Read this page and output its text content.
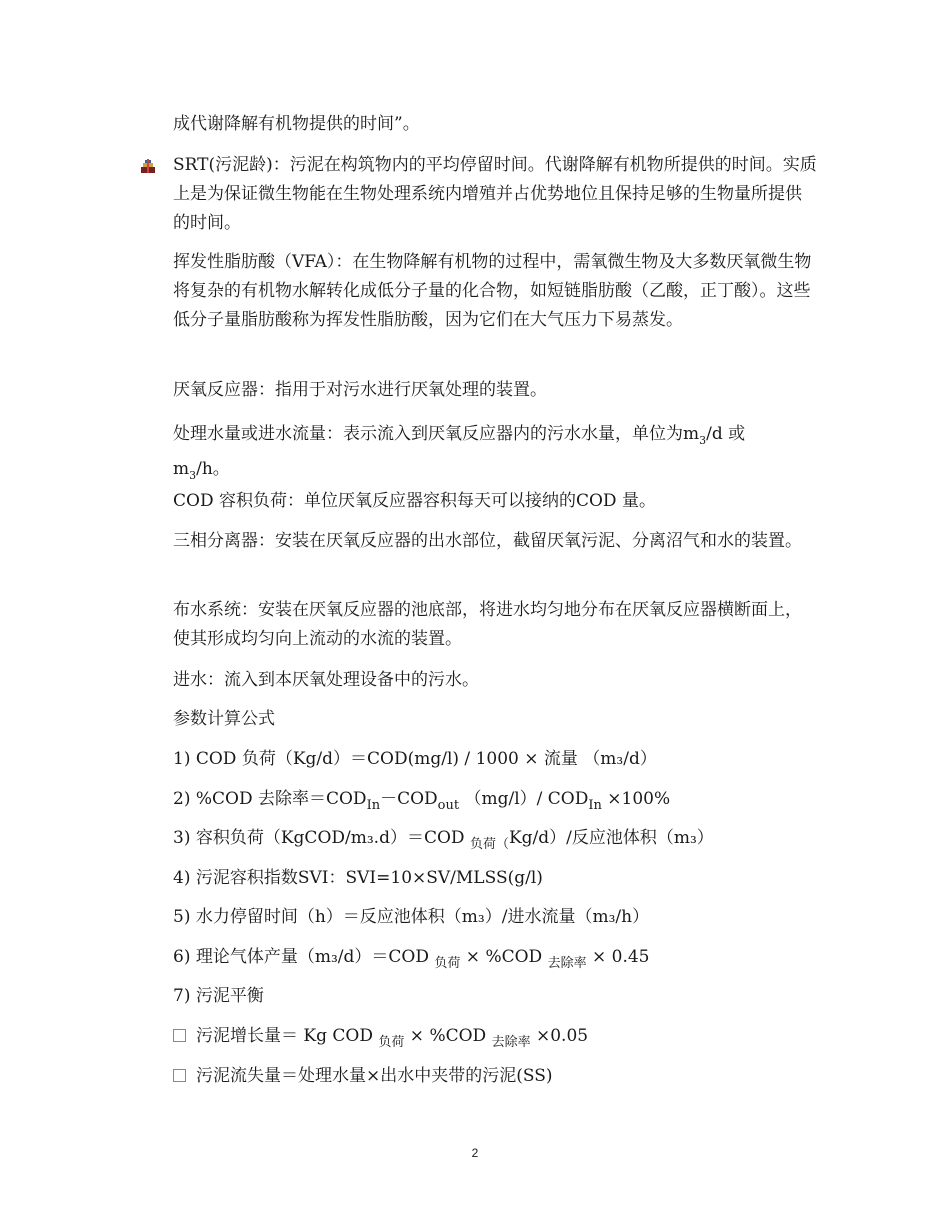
成代谢降解有机物提供的时间”。

SRT(污泥龄)：污泥在构筑物内的平均停留时间。代谢降解有机物所提供的时间。实质上是为保证微生物能在生物处理系统内增殖并占优势地位且保持足够的生物量所提供的时间。

挥发性脂肪酸（VFA）：在生物降解有机物的过程中，需氧微生物及大多数厌氧微生物将复杂的有机物水解转化成低分子量的化合物，如短链脂肪酸（乙酸，正丁酸）。这些低分子量脂肪酸称为挥发性脂肪酸，因为它们在大气压力下易蒸发。

厌氧反应器：指用于对污水进行厌氧处理的装置。

处理水量或进水流量：表示流入到厌氧反应器内的污水水量，单位为$m_3/d$ 或
$m_3/h$。

COD 容积负荷：单位厌氧反应器容积每天可以接纳的COD 量。

三相分离器：安装在厌氧反应器的出水部位，截留厌氧污泥、分离沼气和水的装置。

布水系统：安装在厌氧反应器的池底部，将进水均匀地分布在厌氧反应器横断面上，使其形成均匀向上流动的水流的装置。

进水：流入到本厌氧处理设备中的污水。

参数计算公式

1) COD 负荷（Kg/d）＝COD(mg/l) / 1000 × 流量 （m₃/d）

2) %COD 去除率$=COD_{In}-COD_{out}$ （mg/l）/ $COD_{In} \times 100\%$

3) 容积负荷（KgCOD/m₃.d）＝COD $_{负荷(}$Kg/d）/反应池体积（m₃）

4) 污泥容积指数SVI：SVI=10×SV/MLSS(g/l)

5) 水力停留时间（h）＝反应池体积（m₃）/进水流量（m₃/h）

6) 理论气体产量（m₃/d）＝COD $_{负荷}$ × %COD $_{去除率}$ × 0.45

7) 污泥平衡

污泥增长量＝ Kg COD $_{负荷}$ × %COD $_{去除率}$ ×0.05

污泥流失量＝处理水量×出水中夹带的污泥(SS)

2
